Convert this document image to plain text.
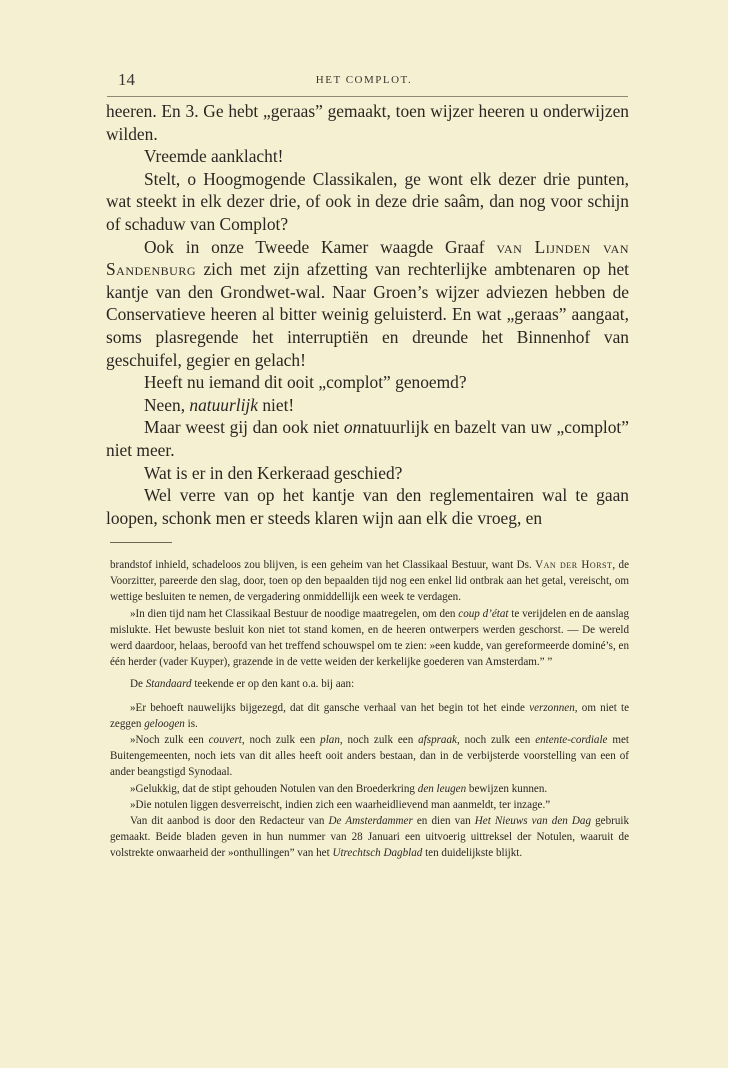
14	HET COMPLOT.

heeren. En 3. Ge hebt „geraas” gemaakt, toen wijzer heeren u onderwijzen wilden.

Vreemde aanklacht!

Stelt, o Hoogmogende Classikalen, ge wont elk dezer drie punten, wat steekt in elk dezer drie, of ook in deze drie saâm, dan nog voor schijn of schaduw van Complot?

Ook in onze Tweede Kamer waagde Graaf van Lijnden van Sandenburg zich met zijn afzetting van rechterlijke ambtenaren op het kantje van den Grondwet-wal. Naar Groen’s wijzer adviezen hebben de Conservatieve heeren al bitter weinig geluisterd. En wat „geraas” aangaat, soms plasregende het interruptiën en dreunde het Binnenhof van geschuifel, gegier en gelach!

Heeft nu iemand dit ooit „complot” genoemd?

Neen, natuurlijk niet!

Maar weest gij dan ook niet onnatuurlijk en bazelt van uw „complot” niet meer.

Wat is er in den Kerkeraad geschied?

Wel verre van op het kantje van den reglementairen wal te gaan loopen, schonk men er steeds klaren wijn aan elk die vroeg, en

brandstof inhield, schadeloos zou blijven, is een geheim van het Classikaal Bestuur, want Ds. Van der Horst, de Voorzitter, pareerde den slag, door, toen op den bepaalden tijd nog een enkel lid ontbrak aan het getal, vereischt, om wettige besluiten te nemen, de vergadering onmiddellijk een week te verdagen.

»In dien tijd nam het Classikaal Bestuur de noodige maatregelen, om den coup d’état te verijdelen en de aanslag mislukte. Het bewuste besluit kon niet tot stand komen, en de heeren ontwerpers werden geschorst. — De wereld werd daardoor, helaas, beroofd van het treffend schouwspel om te zien: »een kudde, van gereformeerde dominé’s, en één herder (vader Kuyper), grazende in de vette weiden der kerkelijke goederen van Amsterdam.” ”

De Standaard teekende er op den kant o.a. bij aan:

»Er behoeft nauwelijks bijgezegd, dat dit gansche verhaal van het begin tot het einde verzonnen, om niet te zeggen geloogen is.

»Noch zulk een couvert, noch zulk een plan, noch zulk een afspraak, noch zulk een entente-cordiale met Buitengemeenten, noch iets van dit alles heeft ooit anders bestaan, dan in de verbijsterde voorstelling van een of ander beangstigd Synodaal.

»Gelukkig, dat de stipt gehouden Notulen van den Broederkring den leugen bewijzen kunnen.

»Die notulen liggen desverreischt, indien zich een waarheidlievend man aanmeldt, ter inzage.”

Van dit aanbod is door den Redacteur van De Amsterdammer en dien van Het Nieuws van den Dag gebruik gemaakt. Beide bladen geven in hun nummer van 28 Januari een uitvoerig uittreksel der Notulen, waaruit de volstrekte onwaarheid der »onthullingen” van het Utrechtsch Dagblad ten duidelijkste blijkt.
